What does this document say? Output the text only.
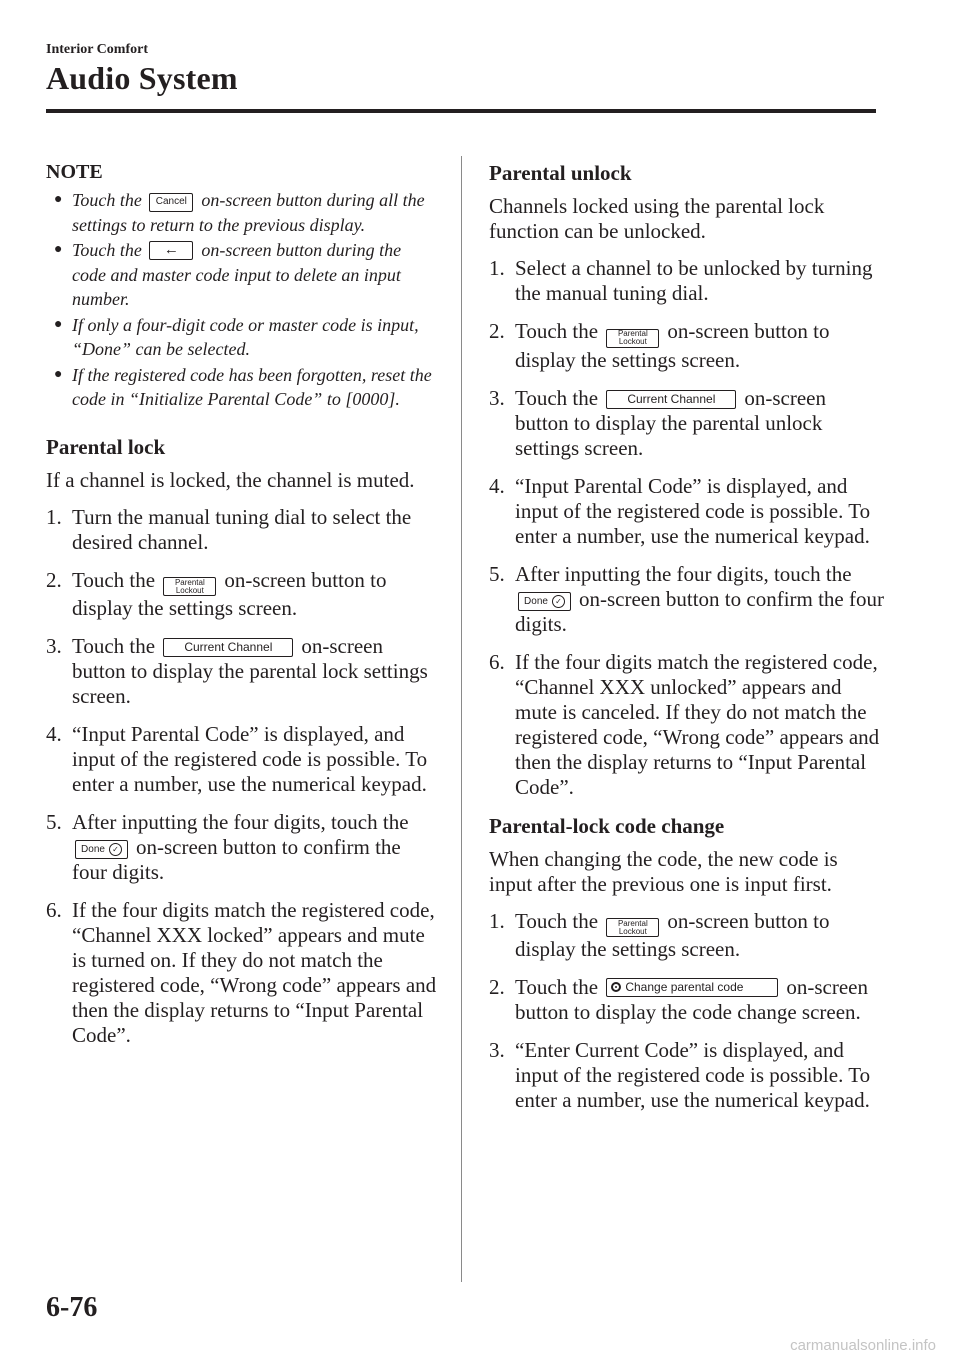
Interior Comfort
Audio System
NOTE
● Touch the Cancel on-screen button during all the settings to return to the previous display.
● Touch the ← on-screen button during the code and master code input to delete an input number.
● If only a four-digit code or master code is input, “Done” can be selected.
● If the registered code has been forgotten, reset the code in “Initialize Parental Code” to [0000].
Parental lock
If a channel is locked, the channel is muted.
1. Turn the manual tuning dial to select the desired channel.
2. Touch the Parental
Lockout on-screen button to display the settings screen.
3. Touch the Current Channel on-screen button to display the parental lock settings screen.
4. “Input Parental Code” is displayed, and input of the registered code is possible. To enter a number, use the numerical keypad.
5. After inputting the four digits, touch the
Done ✓ on-screen button to confirm the four digits.
6. If the four digits match the registered code, “Channel XXX locked” appears and mute is turned on. If they do not match the registered code, “Wrong code” appears and then the display returns to “Input Parental Code”.
Parental unlock
Channels locked using the parental lock function can be unlocked.
1. Select a channel to be unlocked by turning the manual tuning dial.
2. Touch the Parental
Lockout on-screen button to display the settings screen.
3. Touch the Current Channel on-screen button to display the parental unlock settings screen.
4. “Input Parental Code” is displayed, and input of the registered code is possible. To enter a number, use the numerical keypad.
5. After inputting the four digits, touch the
Done ✓ on-screen button to confirm the four digits.
6. If the four digits match the registered code, “Channel XXX unlocked” appears and mute is canceled. If they do not match the registered code, “Wrong code” appears and then the display returns to “Input Parental Code”.
Parental-lock code change
When changing the code, the new code is input after the previous one is input first.
1. Touch the Parental
Lockout on-screen button to display the settings screen.
2. Touch the Change parental code on-screen button to display the code change screen.
3. “Enter Current Code” is displayed, and input of the registered code is possible. To enter a number, use the numerical keypad.
6-76
carmanualsonline.info
